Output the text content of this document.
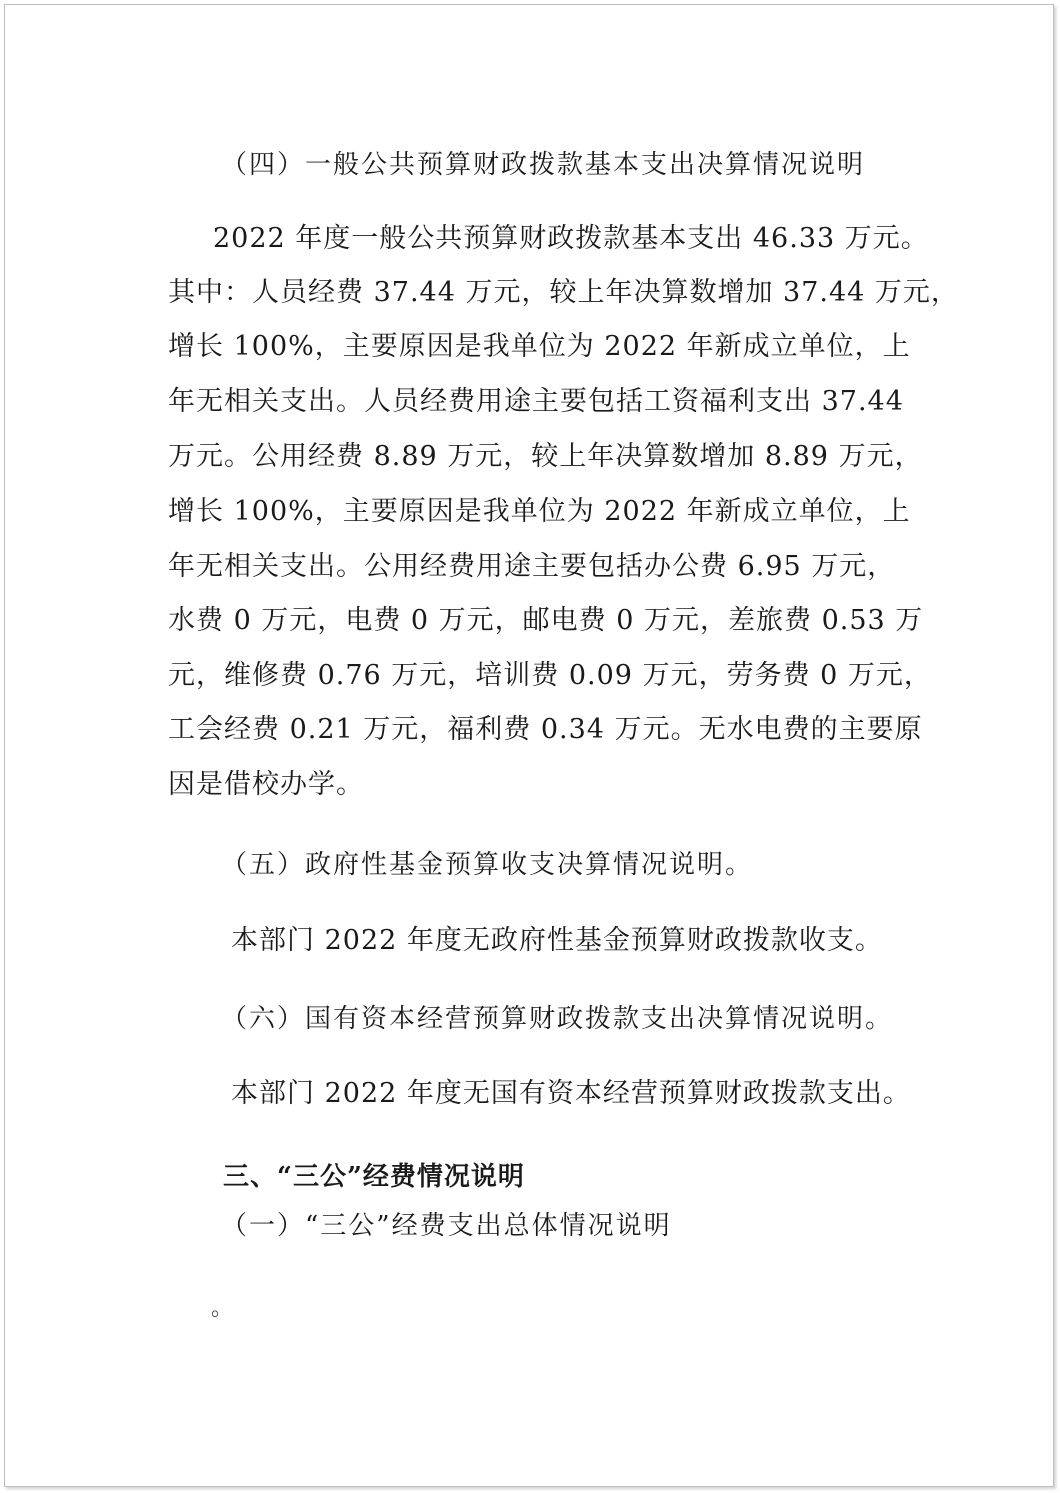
（四）一般公共预算财政拨款基本支出决算情况说明
2022 年度一般公共预算财政拨款基本支出 46.33 万元。
其中：人员经费 37.44 万元，较上年决算数增加 37.44 万元，
增长 100%，主要原因是我单位为 2022 年新成立单位，上
年无相关支出。人员经费用途主要包括工资福利支出 37.44
万元。公用经费 8.89 万元，较上年决算数增加 8.89 万元，
增长 100%，主要原因是我单位为 2022 年新成立单位，上
年无相关支出。公用经费用途主要包括办公费 6.95 万元，
水费 0 万元，电费 0 万元，邮电费 0 万元，差旅费 0.53 万
元，维修费 0.76 万元，培训费 0.09 万元，劳务费 0 万元，
工会经费 0.21 万元，福利费 0.34 万元。无水电费的主要原
因是借校办学。
（五）政府性基金预算收支决算情况说明。
本部门 2022 年度无政府性基金预算财政拨款收支。
（六）国有资本经营预算财政拨款支出决算情况说明。
本部门 2022 年度无国有资本经营预算财政拨款支出。
三、“三公”经费情况说明
（一）“三公”经费支出总体情况说明
。
